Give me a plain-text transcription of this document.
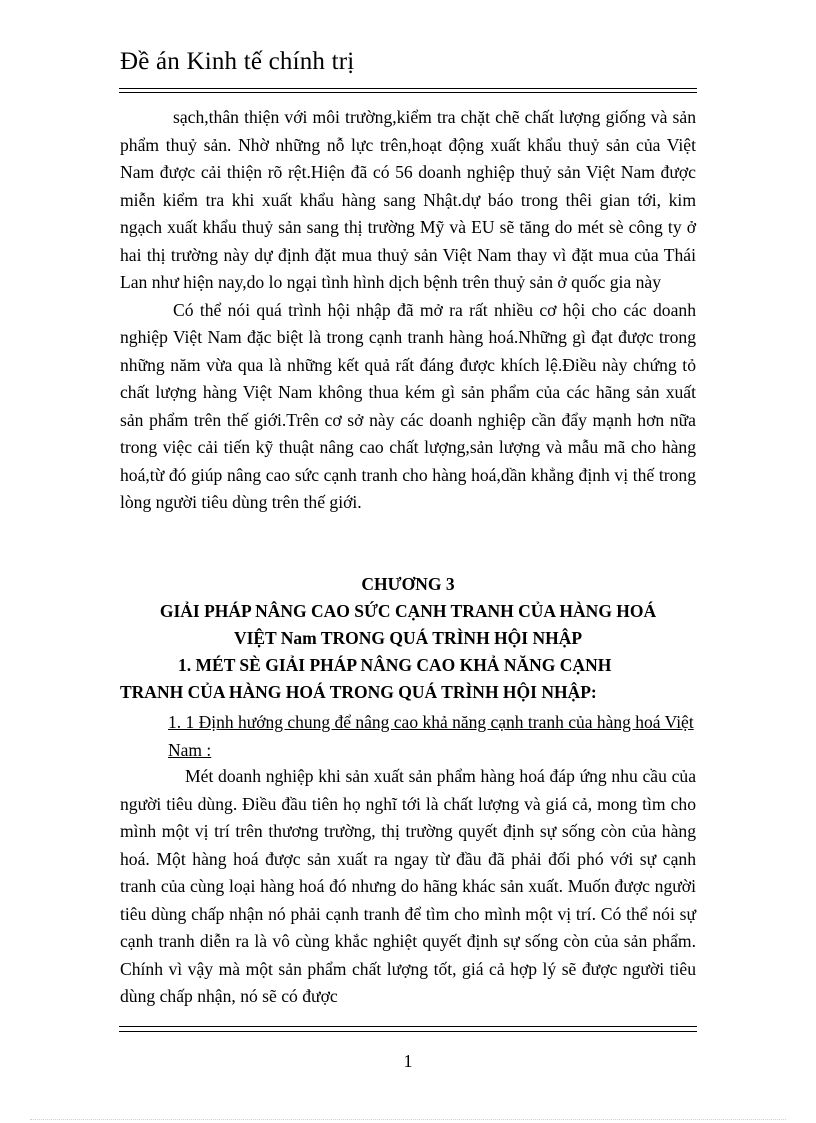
Đề án Kinh tế chính trị

sạch,thân thiện với môi trường,kiểm tra chặt chẽ chất lượng giống và sản phẩm thuỷ sản. Nhờ những nỗ lực trên,hoạt động xuất khẩu thuỷ sản của Việt Nam được cải thiện rõ rệt.Hiện đã có 56 doanh nghiệp thuỷ sản Việt Nam được miễn kiểm tra khi xuất khẩu hàng sang Nhật.dự báo trong thêi gian tới, kim ngạch xuất khẩu thuỷ sản sang thị trường Mỹ và EU sẽ tăng do mét sè công ty ở hai thị trường này dự định đặt mua thuỷ sản Việt Nam thay vì đặt mua của Thái Lan như hiện nay,do lo ngại tình hình dịch bệnh trên thuỷ sản ở quốc gia này

Có thể nói quá trình hội nhập đã mở ra rất nhiều cơ hội cho các doanh nghiệp Việt Nam đặc biệt là trong cạnh tranh hàng hoá.Những gì đạt được trong những năm vừa qua là những kết quả rất đáng được khích lệ.Điều này chứng tỏ chất lượng hàng Việt Nam không thua kém gì sản phẩm của các hãng sản xuất sản phẩm trên thế giới.Trên cơ sở này các doanh nghiệp cần đẩy mạnh hơn nữa trong việc cải tiến kỹ thuật nâng cao chất lượng,sản lượng và mẫu mã cho hàng hoá,từ đó giúp nâng cao sức cạnh tranh cho hàng hoá,dần khẳng định vị thế trong lòng người tiêu dùng trên thế giới.

CHƯƠNG 3
GIẢI PHÁP NÂNG CAO SỨC CẠNH TRANH CỦA HÀNG HOÁ
VIỆT Nam TRONG QUÁ TRÌNH HỘI NHẬP
1. MÉT SÈ GIẢI PHÁP NÂNG CAO KHẢ NĂNG CẠNH
TRANH CỦA HÀNG HOÁ TRONG QUÁ TRÌNH HỘI NHẬP:
1. 1 Định hướng chung để nâng cao khả năng cạnh tranh của hàng hoá Việt Nam :

Mét doanh nghiệp khi sản xuất sản phẩm hàng hoá đáp ứng nhu cầu của người tiêu dùng. Điều đầu tiên họ nghĩ tới là chất lượng và giá cả, mong tìm cho mình một vị trí trên thương trường, thị trường quyết định sự sống còn của hàng hoá. Một hàng hoá được sản xuất ra ngay từ đầu đã phải đối phó với sự cạnh tranh của cùng loại hàng hoá đó nhưng do hãng khác sản xuất. Muốn được người tiêu dùng chấp nhận nó phải cạnh tranh để tìm cho mình một vị trí. Có thể nói sự cạnh tranh diễn ra là vô cùng khắc nghiệt quyết định sự sống còn của sản phẩm. Chính vì vậy mà một sản phẩm chất lượng tốt, giá cả hợp lý sẽ được người tiêu dùng chấp nhận, nó sẽ có được

1
